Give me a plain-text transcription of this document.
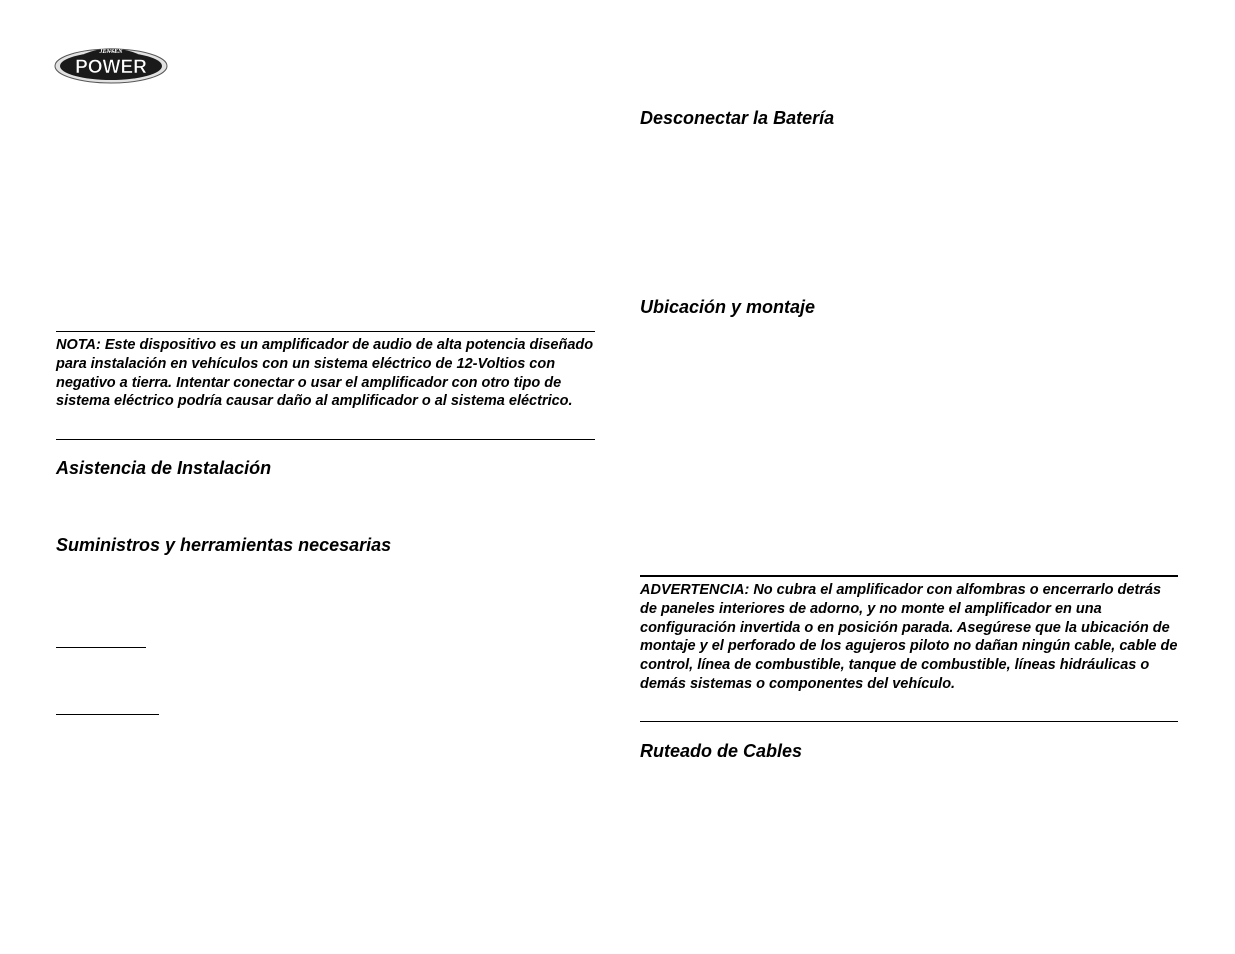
JENSEN
POWER
NOTA: Este dispositivo es un amplificador de audio de alta potencia diseñado para instalación en vehículos con un sistema eléctrico de 12-Voltios con negativo a tierra. Intentar conectar o usar el amplificador con otro tipo de sistema eléctrico podría causar daño al amplificador o al sistema eléctrico.
Asistencia de Instalación
Suministros y herramientas necesarias
Desconectar la Batería
Ubicación y montaje
ADVERTENCIA: No cubra el amplificador con alfombras o encerrarlo detrás de paneles interiores de adorno, y no monte el amplificador en una configuración invertida o en posición parada. Asegúrese que la ubicación de montaje y el perforado de los agujeros piloto no dañan ningún cable, cable de control, línea de combustible, tanque de combustible, líneas hidráulicas o demás sistemas o componentes del vehículo.
Ruteado de Cables
